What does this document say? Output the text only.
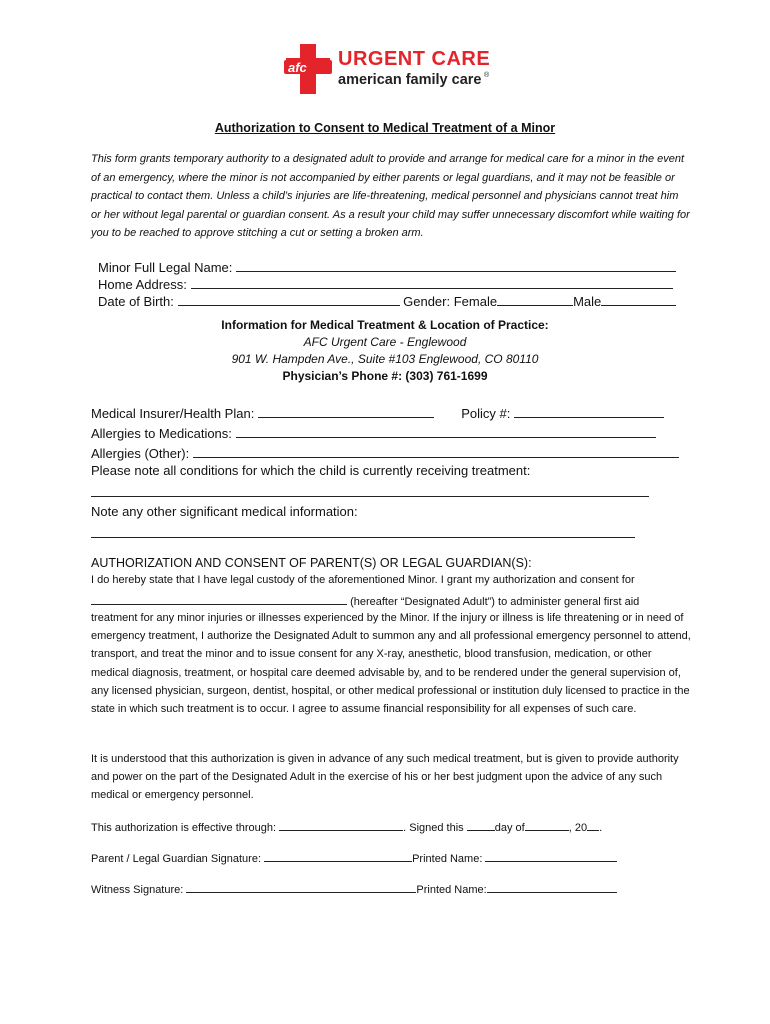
afc URGENT CARE
american family care ®
Authorization to Consent to Medical Treatment of a Minor
This form grants temporary authority to a designated adult to provide and arrange for medical care for a minor in the event of an emergency, where the minor is not accompanied by either parents or legal guardians, and it may not be feasible or practical to contact them. Unless a child’s injuries are life-threatening, medical personnel and physicians cannot treat him or her without legal parental or guardian consent. As a result your child may suffer unnecessary discomfort while waiting for you to be reached to approve stitching a cut or setting a broken arm.
Minor Full Legal Name:
Home Address:
Date of Birth:	Gender: Female	Male
Information for Medical Treatment & Location of Practice:
AFC Urgent Care - Englewood
901 W. Hampden Ave., Suite #103 Englewood, CO 80110
Physician’s Phone #: (303) 761-1699
Medical Insurer/Health Plan:	Policy #:
Allergies to Medications:
Allergies (Other):
Please note all conditions for which the child is currently receiving treatment:
Note any other significant medical information:
AUTHORIZATION AND CONSENT OF PARENT(S) OR LEGAL GUARDIAN(S):
I do hereby state that I have legal custody of the aforementioned Minor. I grant my authorization and consent for
(hereafter “Designated Adult”) to administer general first aid
treatment for any minor injuries or illnesses experienced by the Minor. If the injury or illness is life threatening or in need of emergency treatment, I authorize the Designated Adult to summon any and all professional emergency personnel to attend, transport, and treat the minor and to issue consent for any X-ray, anesthetic, blood transfusion, medication, or other medical diagnosis, treatment, or hospital care deemed advisable by, and to be rendered under the general supervision of, any licensed physician, surgeon, dentist, hospital, or other medical professional or institution duly licensed to practice in the state in which such treatment is to occur. I agree to assume financial responsibility for all expenses of such care.
It is understood that this authorization is given in advance of any such medical treatment, but is given to provide authority and power on the part of the Designated Adult in the exercise of his or her best judgment upon the advice of any such medical or emergency personnel.
This authorization is effective through:	. Signed this	day of	, 20 .
Parent / Legal Guardian Signature:	Printed Name:
Witness Signature:	Printed Name:
